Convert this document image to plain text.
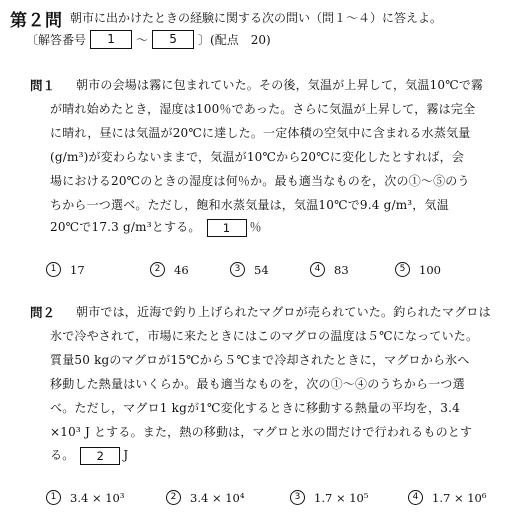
第２問 朝市に出かけたときの経験に関する次の問い（問１～４）に答えよ。
〔解答番号	1	～	5	〕(配点　20)
問１ 朝市の会場は霧に包まれていた。その後，気温が上昇して，気温10℃で霧
が晴れ始めたとき，湿度は100％であった。さらに気温が上昇して，霧は完全
に晴れ，昼には気温が20℃に達した。一定体積の空気中に含まれる水蒸気量
(g/m³)が変わらないままで，気温が10℃から20℃に変化したとすれば，会
場における20℃のときの湿度は何％か。最も適当なものを，次の①～⑤のう
ちから一つ選べ。ただし，飽和水蒸気量は，気温10℃で9.4 g/m³，気温
20℃で17.3 g/m³とする。 1 ％
1	17	2	46	3	54	4	83	5	100
問２ 朝市では，近海で釣り上げられたマグロが売られていた。釣られたマグロは
氷で冷やされて，市場に来たときにはこのマグロの温度は５℃になっていた。
質量50 kgのマグロが15℃から５℃まで冷却されたときに，マグロから氷へ
移動した熱量はいくらか。最も適当なものを，次の①～④のうちから一つ選
べ。ただし，マグロ1 kgが1℃変化するときに移動する熱量の平均を，3.4
×10³ J とする。また，熱の移動は，マグロと氷の間だけで行われるものとす
る。 2 J
1	3.4 × 10³	2	3.4 × 10⁴	3	1.7 × 10⁵	4	1.7 × 10⁶
